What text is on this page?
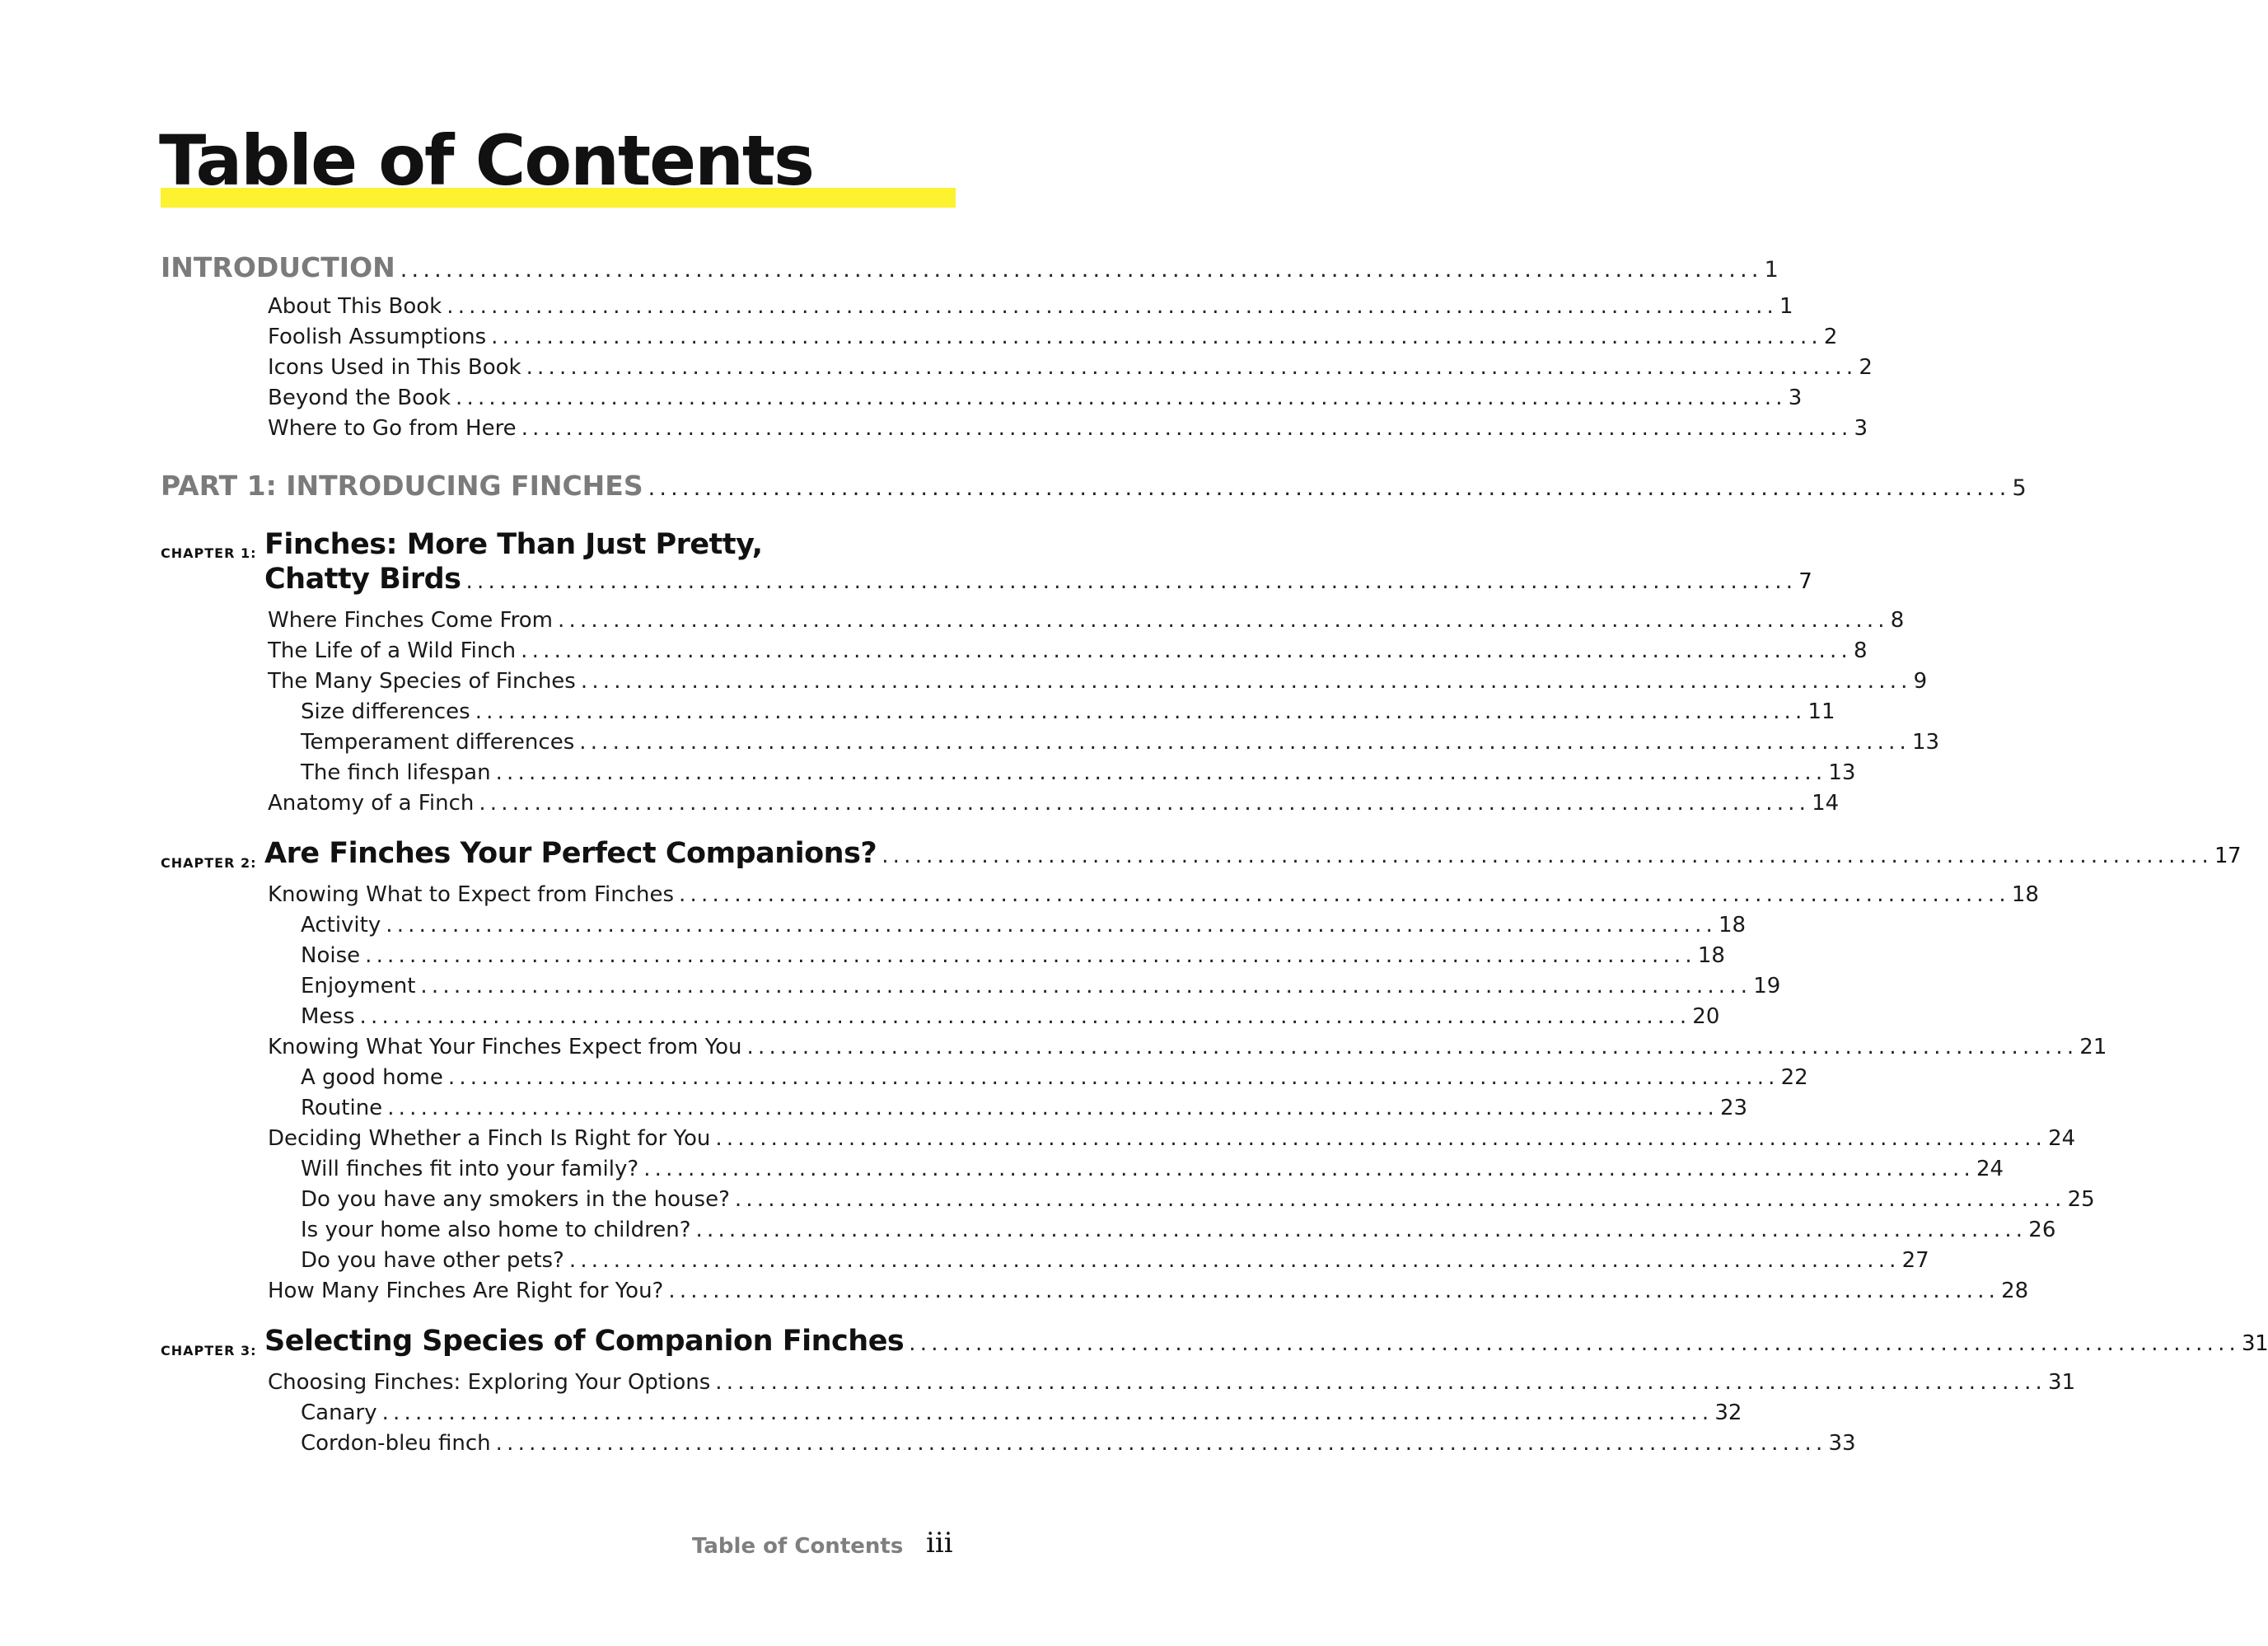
Table of Contents
INTRODUCTION ........................................................................................................................ 1
About This Book ........................................................................................................................ 1
Foolish Assumptions ........................................................................................................................ 2
Icons Used in This Book ........................................................................................................................ 2
Beyond the Book ........................................................................................................................ 3
Where to Go from Here ........................................................................................................................ 3
PART 1: INTRODUCING FINCHES ........................................................................................................................ 5
CHAPTER 1: Finches: More Than Just Pretty,
Chatty Birds ........................................................................................................................ 7
Where Finches Come From ........................................................................................................................ 8
The Life of a Wild Finch ........................................................................................................................ 8
The Many Species of Finches ........................................................................................................................ 9
Size differences ........................................................................................................................ 11
Temperament differences ........................................................................................................................ 13
The finch lifespan ........................................................................................................................ 13
Anatomy of a Finch ........................................................................................................................ 14
CHAPTER 2: Are Finches Your Perfect Companions? ........................................................................................................................ 17
Knowing What to Expect from Finches ........................................................................................................................ 18
Activity ........................................................................................................................ 18
Noise ........................................................................................................................ 18
Enjoyment ........................................................................................................................ 19
Mess ........................................................................................................................ 20
Knowing What Your Finches Expect from You ........................................................................................................................ 21
A good home ........................................................................................................................ 22
Routine ........................................................................................................................ 23
Deciding Whether a Finch Is Right for You ........................................................................................................................ 24
Will finches fit into your family? ........................................................................................................................ 24
Do you have any smokers in the house? ........................................................................................................................ 25
Is your home also home to children? ........................................................................................................................ 26
Do you have other pets? ........................................................................................................................ 27
How Many Finches Are Right for You? ........................................................................................................................ 28
CHAPTER 3: Selecting Species of Companion Finches ........................................................................................................................ 31
Choosing Finches: Exploring Your Options ........................................................................................................................ 31
Canary ........................................................................................................................ 32
Cordon-bleu finch ........................................................................................................................ 33
Table of Contents iii
